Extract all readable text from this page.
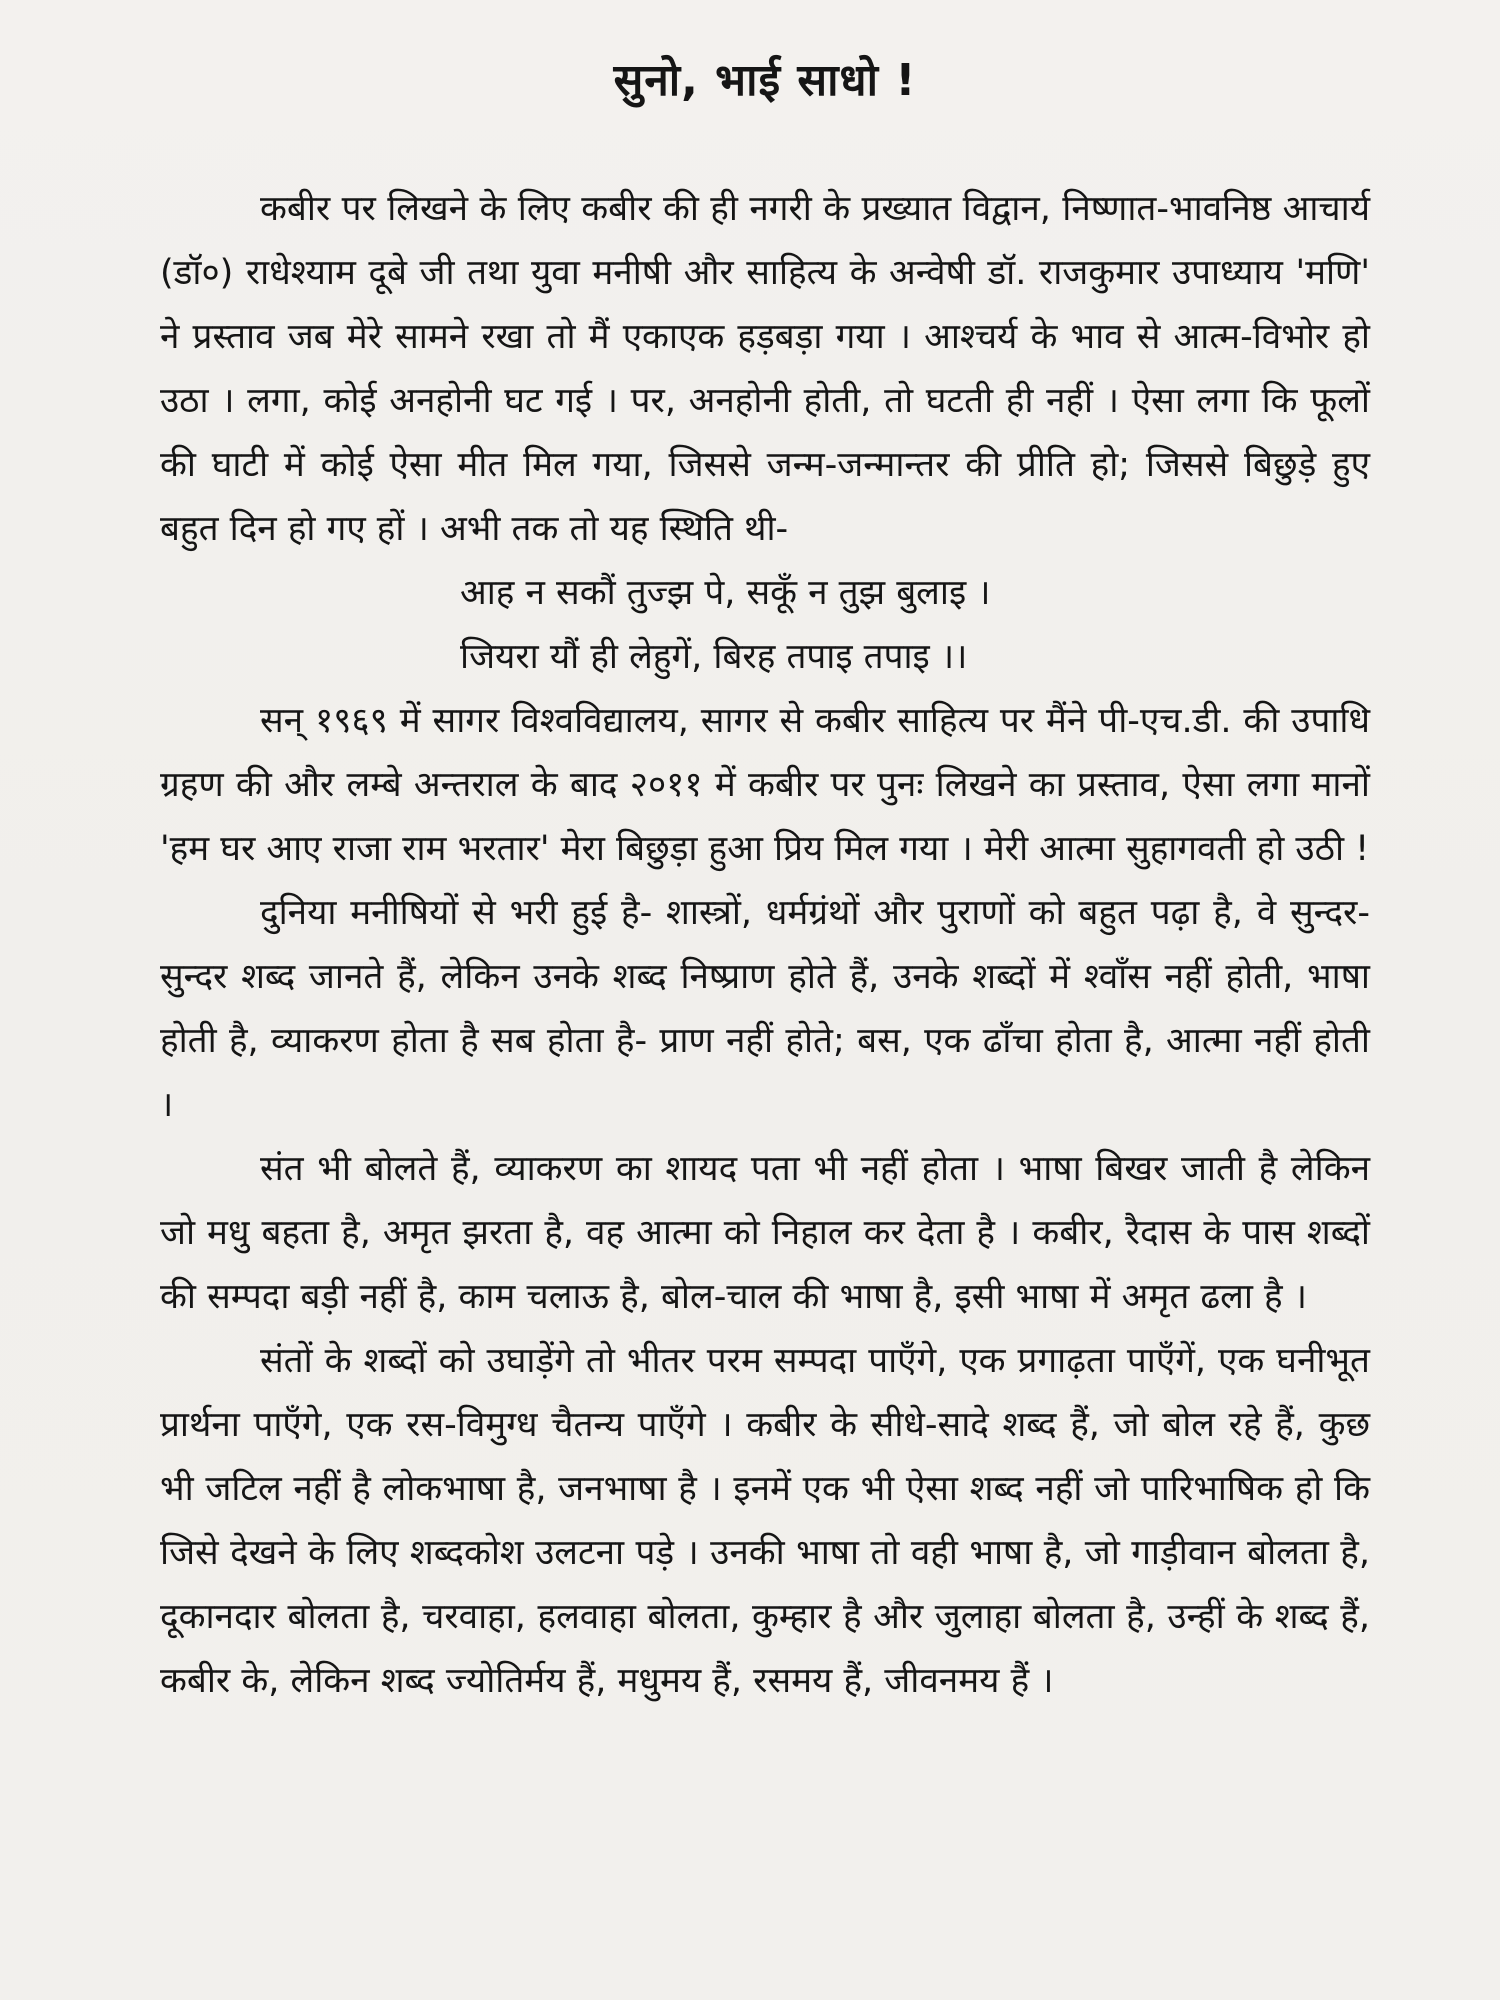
सुनो, भाई साधो !

कबीर पर लिखने के लिए कबीर की ही नगरी के प्रख्यात विद्वान, निष्णात-भावनिष्ठ आचार्य (डॉ०) राधेश्याम दूबे जी तथा युवा मनीषी और साहित्य के अन्वेषी डॉ. राजकुमार उपाध्याय 'मणि' ने प्रस्ताव जब मेरे सामने रखा तो मैं एकाएक हड़बड़ा गया । आश्चर्य के भाव से आत्म-विभोर हो उठा । लगा, कोई अनहोनी घट गई । पर, अनहोनी होती, तो घटती ही नहीं । ऐसा लगा कि फूलों की घाटी में कोई ऐसा मीत मिल गया, जिससे जन्म-जन्मान्तर की प्रीति हो; जिससे बिछुड़े हुए बहुत दिन हो गए हों । अभी तक तो यह स्थिति थी-

आह न सकौं तुज्झ पे, सकूँ न तुझ बुलाइ ।

जियरा यौं ही लेहुगें, बिरह तपाइ तपाइ ।।

सन् १९६९ में सागर विश्वविद्यालय, सागर से कबीर साहित्य पर मैंने पी-एच.डी. की उपाधि ग्रहण की और लम्बे अन्तराल के बाद २०११ में कबीर पर पुनः लिखने का प्रस्ताव, ऐसा लगा मानों 'हम घर आए राजा राम भरतार' मेरा बिछुड़ा हुआ प्रिय मिल गया । मेरी आत्मा सुहागवती हो उठी !

दुनिया मनीषियों से भरी हुई है- शास्त्रों, धर्मग्रंथों और पुराणों को बहुत पढ़ा है, वे सुन्दर-सुन्दर शब्द जानते हैं, लेकिन उनके शब्द निष्प्राण होते हैं, उनके शब्दों में श्वाँस नहीं होती, भाषा होती है, व्याकरण होता है सब होता है- प्राण नहीं होते; बस, एक ढाँचा होता है, आत्मा नहीं होती ।

संत भी बोलते हैं, व्याकरण का शायद पता भी नहीं होता । भाषा बिखर जाती है लेकिन जो मधु बहता है, अमृत झरता है, वह आत्मा को निहाल कर देता है । कबीर, रैदास के पास शब्दों की सम्पदा बड़ी नहीं है, काम चलाऊ है, बोल-चाल की भाषा है, इसी भाषा में अमृत ढला है ।

संतों के शब्दों को उघाड़ेंगे तो भीतर परम सम्पदा पाएँगे, एक प्रगाढ़ता पाएँगें, एक घनीभूत प्रार्थना पाएँगे, एक रस-विमुग्ध चैतन्य पाएँगे । कबीर के सीधे-सादे शब्द हैं, जो बोल रहे हैं, कुछ भी जटिल नहीं है लोकभाषा है, जनभाषा है । इनमें एक भी ऐसा शब्द नहीं जो पारिभाषिक हो कि जिसे देखने के लिए शब्दकोश उलटना पड़े । उनकी भाषा तो वही भाषा है, जो गाड़ीवान बोलता है, दूकानदार बोलता है, चरवाहा, हलवाहा बोलता, कुम्हार है और जुलाहा बोलता है, उन्हीं के शब्द हैं, कबीर के, लेकिन शब्द ज्योतिर्मय हैं, मधुमय हैं, रसमय हैं, जीवनमय हैं ।
